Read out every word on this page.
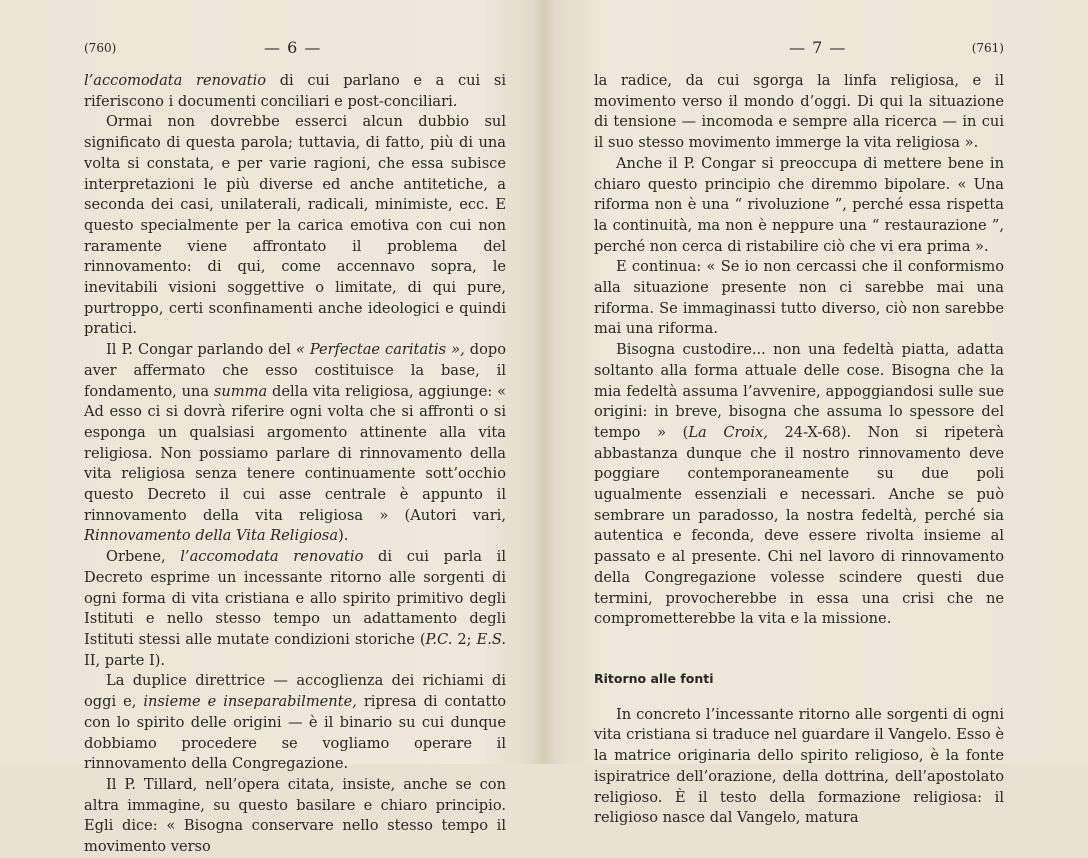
(760)	— 6 —

l’accomodata renovatio di cui parlano e a cui si riferiscono i documenti conciliari e post-conciliari.

Ormai non dovrebbe esserci alcun dubbio sul significato di questa parola; tuttavia, di fatto, più di una volta si constata, e per varie ragioni, che essa subisce interpretazioni le più diverse ed anche antitetiche, a seconda dei casi, unilaterali, radicali, minimiste, ecc. E questo specialmente per la carica emotiva con cui non raramente viene affrontato il problema del rinnovamento: di qui, come accennavo sopra, le inevitabili visioni soggettive o limitate, di qui pure, purtroppo, certi sconfinamenti anche ideologici e quindi pratici.

Il P. Congar parlando del « Perfectae caritatis », dopo aver affermato che esso costituisce la base, il fondamento, una summa della vita religiosa, aggiunge: « Ad esso ci si dovrà riferire ogni volta che si affronti o si esponga un qualsiasi argomento attinente alla vita religiosa. Non possiamo parlare di rinnovamento della vita religiosa senza tenere continuamente sott’occhio questo Decreto il cui asse centrale è appunto il rinnovamento della vita religiosa » (Autori vari, Rinnovamento della Vita Religiosa).

Orbene, l’accomodata renovatio di cui parla il Decreto esprime un incessante ritorno alle sorgenti di ogni forma di vita cristiana e allo spirito primitivo degli Istituti e nello stesso tempo un adattamento degli Istituti stessi alle mutate condizioni storiche (P.C. 2; E.S. II, parte I).

La duplice direttrice — accoglienza dei richiami di oggi e, insieme e inseparabilmente, ripresa di contatto con lo spirito delle origini — è il binario su cui dunque dobbiamo procedere se vogliamo operare il rinnovamento della Congregazione.

Il P. Tillard, nell’opera citata, insiste, anche se con altra immagine, su questo basilare e chiaro principio. Egli dice: « Bisogna conservare nello stesso tempo il movimento verso

— 7 —	(761)

la radice, da cui sgorga la linfa religiosa, e il movimento verso il mondo d’oggi. Di qui la situazione di tensione — incomoda e sempre alla ricerca — in cui il suo stesso movimento immerge la vita religiosa ».

Anche il P. Congar si preoccupa di mettere bene in chiaro questo principio che diremmo bipolare. « Una riforma non è una “ rivoluzione ”, perché essa rispetta la continuità, ma non è neppure una “ restaurazione ”, perché non cerca di ristabilire ciò che vi era prima ».

E continua: « Se io non cercassi che il conformismo alla situazione presente non ci sarebbe mai una riforma. Se immaginassi tutto diverso, ciò non sarebbe mai una riforma.

Bisogna custodire... non una fedeltà piatta, adatta soltanto alla forma attuale delle cose. Bisogna che la mia fedeltà assuma l’avvenire, appoggiandosi sulle sue origini: in breve, bisogna che assuma lo spessore del tempo » (La Croix, 24-X-68). Non si ripeterà abbastanza dunque che il nostro rinnovamento deve poggiare contemporaneamente su due poli ugualmente essenziali e necessari. Anche se può sembrare un paradosso, la nostra fedeltà, perché sia autentica e feconda, deve essere rivolta insieme al passato e al presente. Chi nel lavoro di rinnovamento della Congregazione volesse scindere questi due termini, provocherebbe in essa una crisi che ne comprometterebbe la vita e la missione.

Ritorno alle fonti

In concreto l’incessante ritorno alle sorgenti di ogni vita cristiana si traduce nel guardare il Vangelo. Esso è la matrice originaria dello spirito religioso, è la fonte ispiratrice dell’orazione, della dottrina, dell’apostolato religioso. È il testo della formazione religiosa: il religioso nasce dal Vangelo, matura
